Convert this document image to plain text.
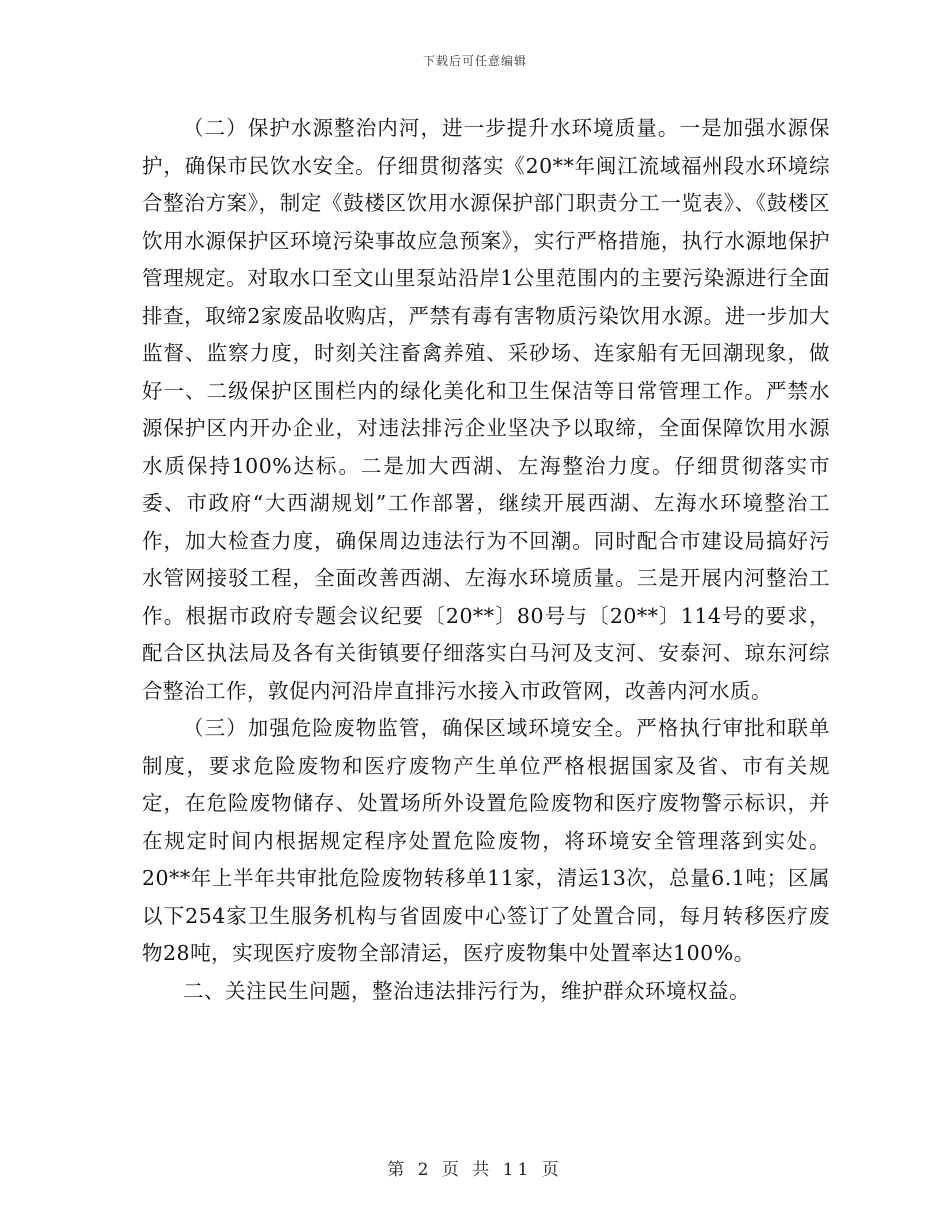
下载后可任意编辑

（二）保护水源整治内河，进一步提升水环境质量。一是加强水源保护，确保市民饮水安全。仔细贯彻落实《20**年闽江流域福州段水环境综合整治方案》，制定《鼓楼区饮用水源保护部门职责分工一览表》、《鼓楼区饮用水源保护区环境污染事故应急预案》，实行严格措施，执行水源地保护管理规定。对取水口至文山里泵站沿岸1公里范围内的主要污染源进行全面排查，取缔2家废品收购店，严禁有毒有害物质污染饮用水源。进一步加大监督、监察力度，时刻关注畜禽养殖、采砂场、连家船有无回潮现象，做好一、二级保护区围栏内的绿化美化和卫生保洁等日常管理工作。严禁水源保护区内开办企业，对违法排污企业坚决予以取缔，全面保障饮用水源水质保持100%达标。二是加大西湖、左海整治力度。仔细贯彻落实市委、市政府“大西湖规划”工作部署，继续开展西湖、左海水环境整治工作，加大检查力度，确保周边违法行为不回潮。同时配合市建设局搞好污水管网接驳工程，全面改善西湖、左海水环境质量。三是开展内河整治工作。根据市政府专题会议纪要〔20**〕80号与〔20**〕114号的要求，配合区执法局及各有关街镇要仔细落实白马河及支河、安泰河、琼东河综合整治工作，敦促内河沿岸直排污水接入市政管网，改善内河水质。

（三）加强危险废物监管，确保区域环境安全。严格执行审批和联单制度，要求危险废物和医疗废物产生单位严格根据国家及省、市有关规定，在危险废物储存、处置场所外设置危险废物和医疗废物警示标识，并在规定时间内根据规定程序处置危险废物，将环境安全管理落到实处。20**年上半年共审批危险废物转移单11家，清运13次，总量6.1吨；区属以下254家卫生服务机构与省固废中心签订了处置合同，每月转移医疗废物28吨，实现医疗废物全部清运，医疗废物集中处置率达100%。

二、关注民生问题，整治违法排污行为，维护群众环境权益。

第 2 页 共 11 页
